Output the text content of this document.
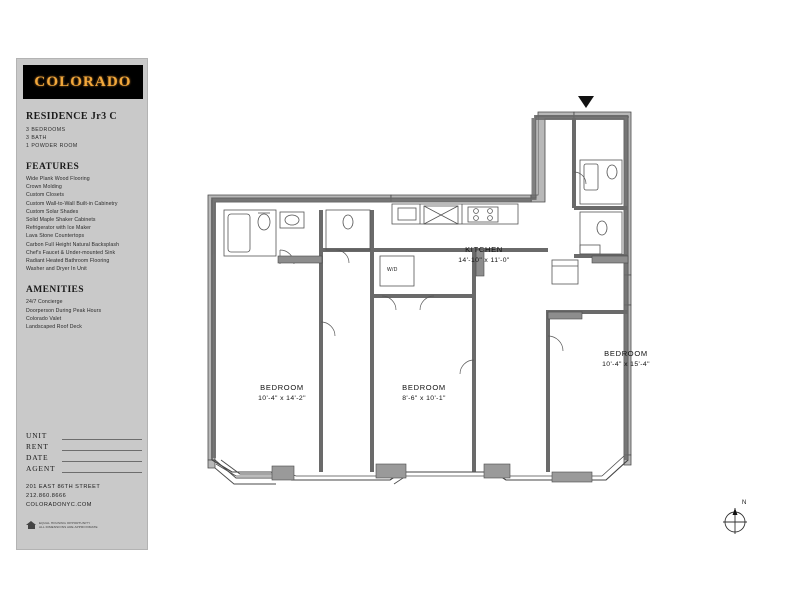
COLORADO
RESIDENCE Jr3 C
3 BEDROOMS
3 BATH
1 POWDER ROOM
FEATURES
Wide Plank Wood Flooring
Crown Molding
Custom Closets
Custom Wall-to-Wall Built-in Cabinetry
Custom Solar Shades
Solid Maple Shaker Cabinets
Refrigerator with Ice Maker
Lava Stone Countertops
Carbon Full Height Natural Backsplash
Chef's Faucet & Under-mounted Sink
Radiant Heated Bathroom Flooring
Washer and Dryer In Unit
AMENITIES
24/7 Concierge
Doorperson During Peak Hours
Colorado Valet
Landscaped Roof Deck
UNIT
RENT
DATE
AGENT
201 EAST 86TH STREET
212.860.8666
COLORADONYC.COM
EQUAL HOUSING OPPORTUNITY
ALL DIMENSIONS ARE APPROXIMATE
KITCHEN
14'-10" x 11'-0"
BEDROOM
10'-4" x 14'-2"
BEDROOM
8'-6" x 10'-1"
BEDROOM
10'-4" x 15'-4"
W/D
N
